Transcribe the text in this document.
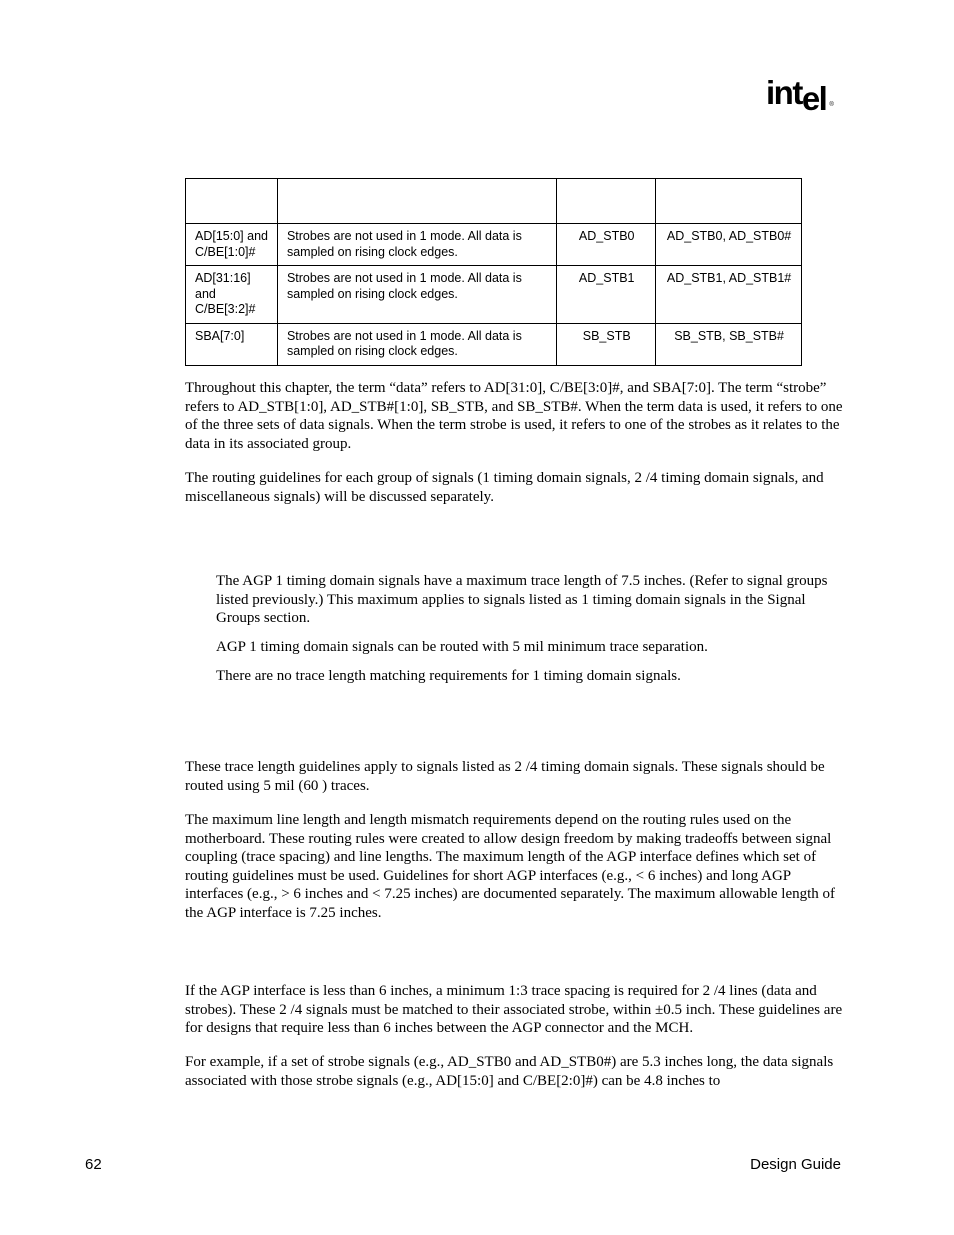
intel ®

AD[15:0] and C/BE[1:0]#	Strobes are not used in 1 mode. All data is sampled on rising clock edges.	AD_STB0	AD_STB0, AD_STB0#
AD[31:16] and C/BE[3:2]#	Strobes are not used in 1 mode. All data is sampled on rising clock edges.	AD_STB1	AD_STB1, AD_STB1#
SBA[7:0]	Strobes are not used in 1 mode. All data is sampled on rising clock edges.	SB_STB	SB_STB, SB_STB#

Throughout this chapter, the term “data” refers to AD[31:0], C/BE[3:0]#, and SBA[7:0]. The term “strobe” refers to AD_STB[1:0], AD_STB#[1:0], SB_STB, and SB_STB#. When the term data is used, it refers to one of the three sets of data signals. When the term strobe is used, it refers to one of the strobes as it relates to the data in its associated group.

The routing guidelines for each group of signals (1 timing domain signals, 2 /4 timing domain signals, and miscellaneous signals) will be discussed separately.

The AGP 1 timing domain signals have a maximum trace length of 7.5 inches. (Refer to signal groups listed previously.) This maximum applies to signals listed as 1 timing domain signals in the Signal Groups section.

AGP 1 timing domain signals can be routed with 5 mil minimum trace separation.

There are no trace length matching requirements for 1 timing domain signals.

These trace length guidelines apply to signals listed as 2 /4 timing domain signals. These signals should be routed using 5 mil (60 ) traces.

The maximum line length and length mismatch requirements depend on the routing rules used on the motherboard. These routing rules were created to allow design freedom by making tradeoffs between signal coupling (trace spacing) and line lengths. The maximum length of the AGP interface defines which set of routing guidelines must be used. Guidelines for short AGP interfaces (e.g., < 6 inches) and long AGP interfaces (e.g., > 6 inches and < 7.25 inches) are documented separately. The maximum allowable length of the AGP interface is 7.25 inches.

If the AGP interface is less than 6 inches, a minimum 1:3 trace spacing is required for 2 /4 lines (data and strobes). These 2 /4 signals must be matched to their associated strobe, within ±0.5 inch. These guidelines are for designs that require less than 6 inches between the AGP connector and the MCH.

For example, if a set of strobe signals (e.g., AD_STB0 and AD_STB0#) are 5.3 inches long, the data signals associated with those strobe signals (e.g., AD[15:0] and C/BE[2:0]#) can be 4.8 inches to

62	Design Guide
